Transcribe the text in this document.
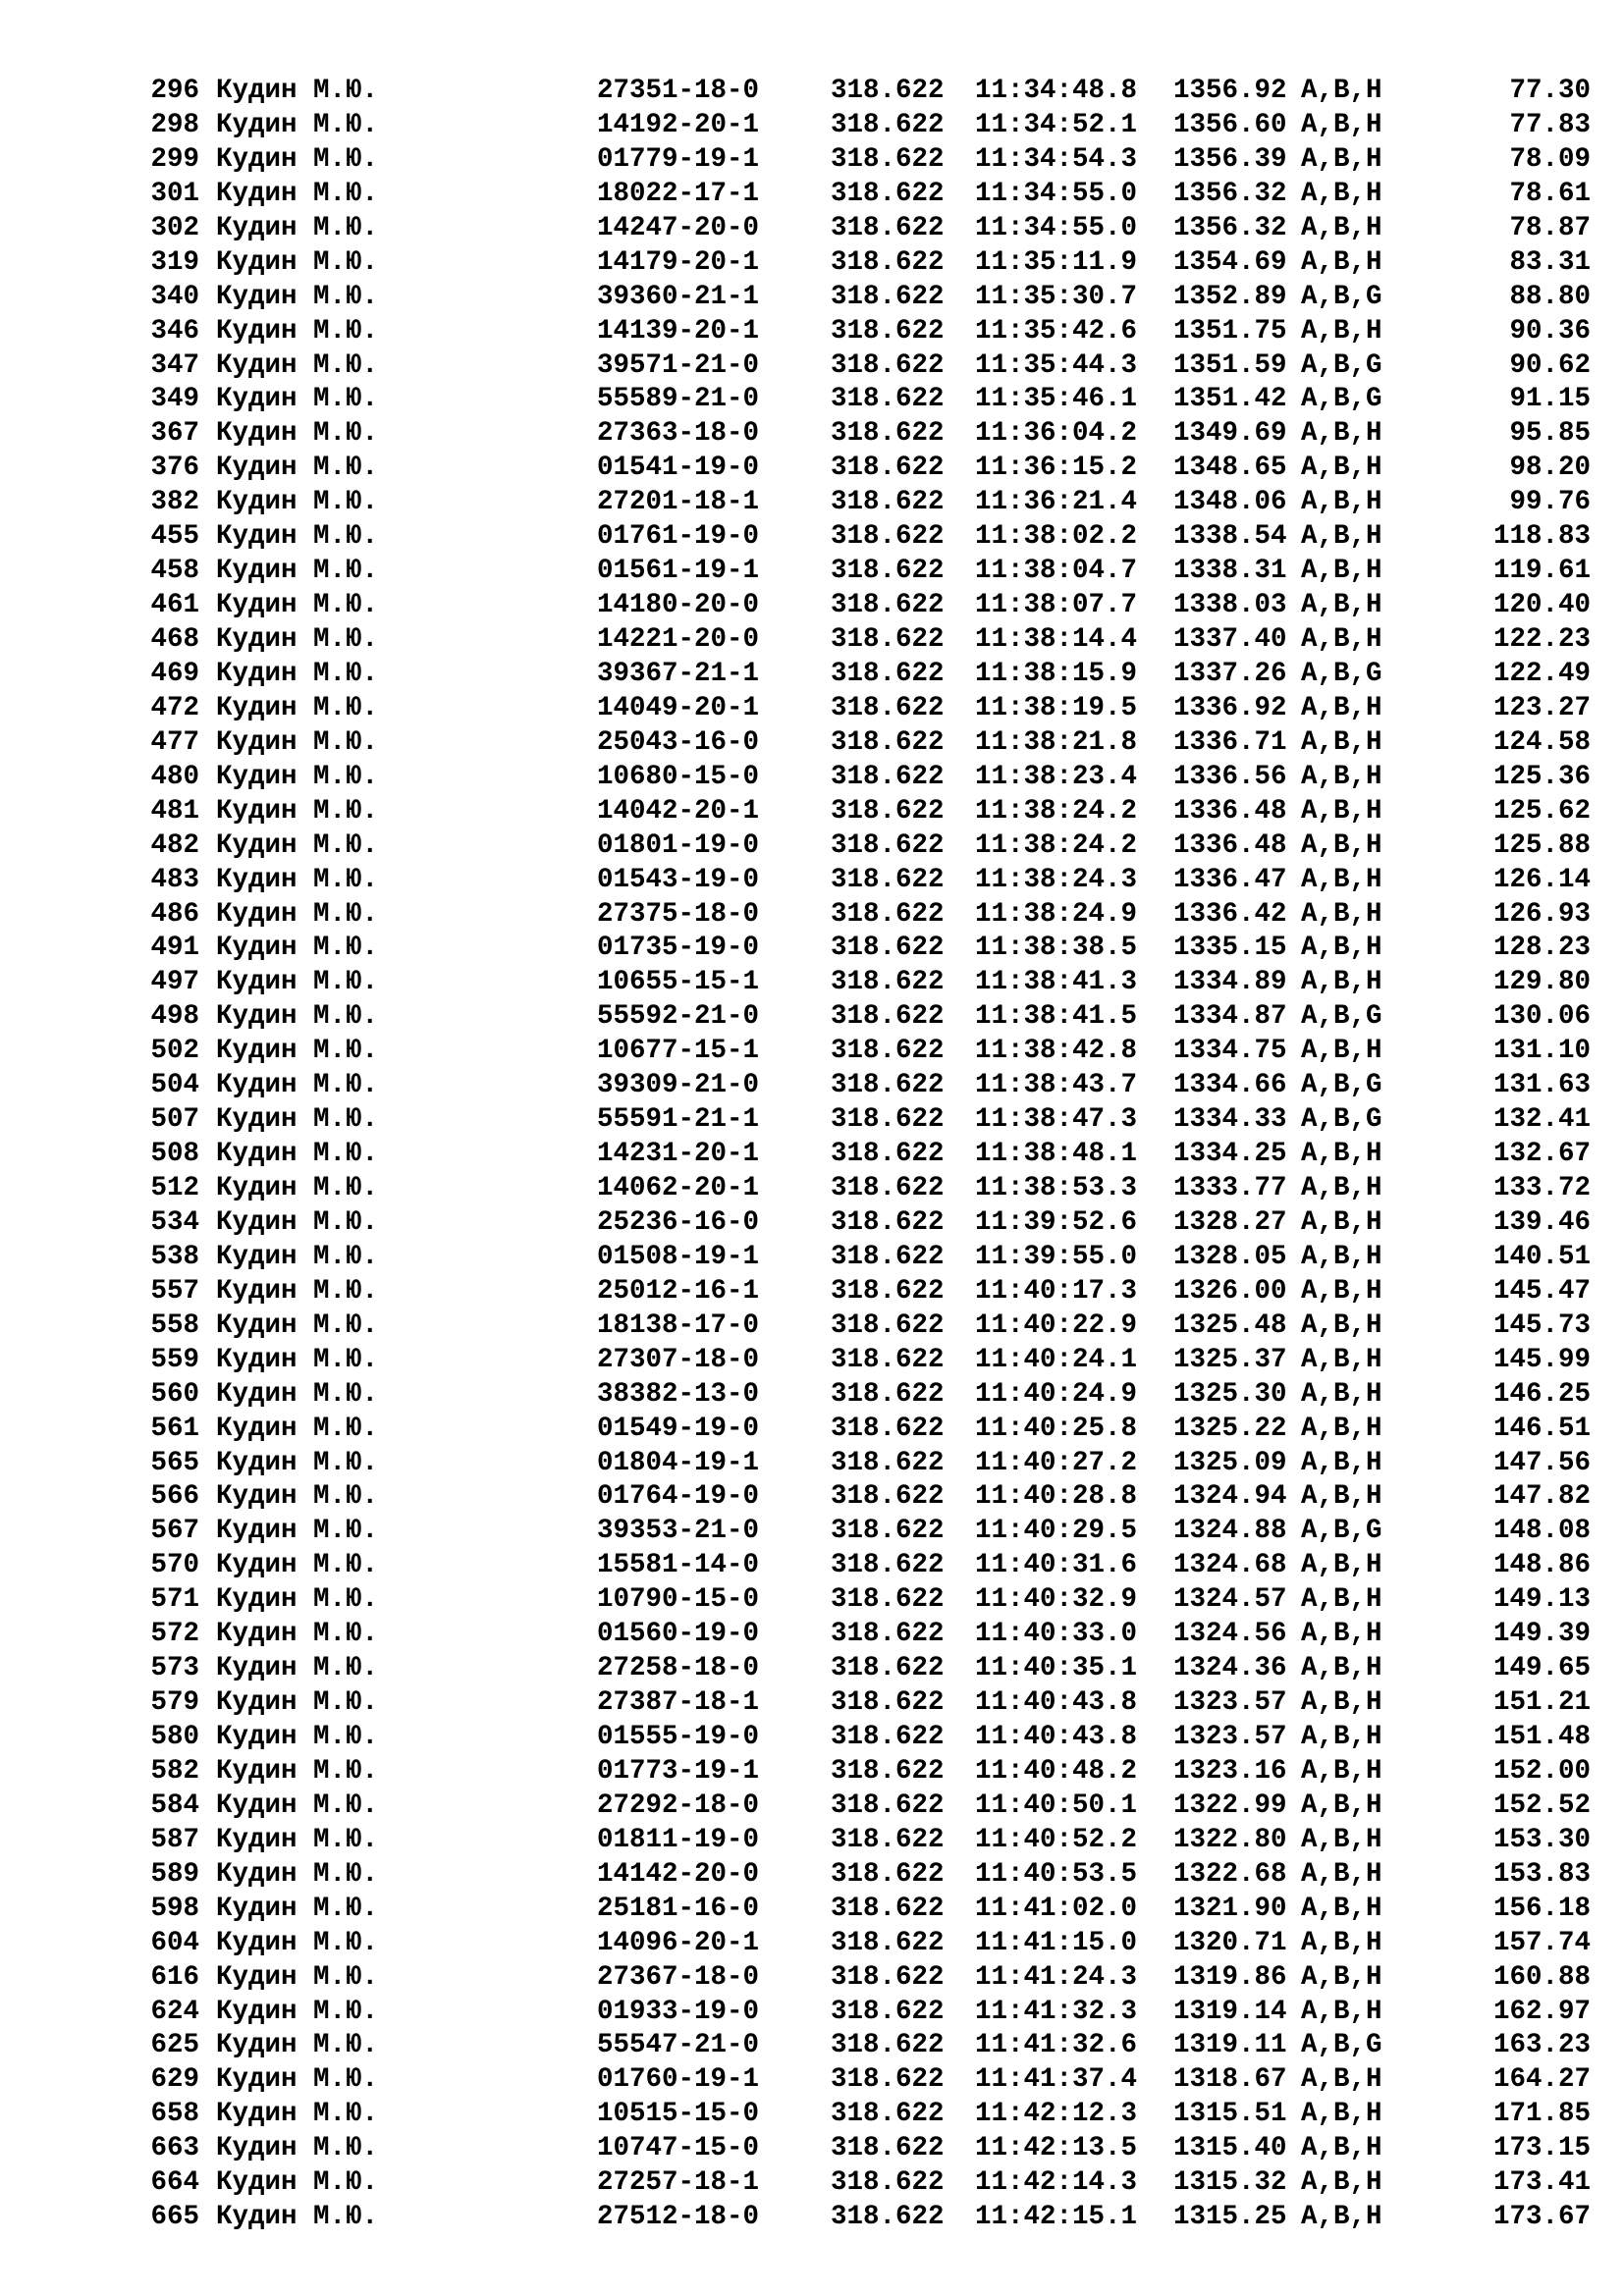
296 Кудин М.Ю.	27351-18-0	318.622 11:34:48.8 1356.92 A,B,H	77.30
298 Кудин М.Ю.	14192-20-1	318.622 11:34:52.1 1356.60 A,B,H	77.83
299 Кудин М.Ю.	01779-19-1	318.622 11:34:54.3 1356.39 A,B,H	78.09
301 Кудин М.Ю.	18022-17-1	318.622 11:34:55.0 1356.32 A,B,H	78.61
302 Кудин М.Ю.	14247-20-0	318.622 11:34:55.0 1356.32 A,B,H	78.87
319 Кудин М.Ю.	14179-20-1	318.622 11:35:11.9 1354.69 A,B,H	83.31
340 Кудин М.Ю.	39360-21-1	318.622 11:35:30.7 1352.89 A,B,G	88.80
346 Кудин М.Ю.	14139-20-1	318.622 11:35:42.6 1351.75 A,B,H	90.36
347 Кудин М.Ю.	39571-21-0	318.622 11:35:44.3 1351.59 A,B,G	90.62
349 Кудин М.Ю.	55589-21-0	318.622 11:35:46.1 1351.42 A,B,G	91.15
367 Кудин М.Ю.	27363-18-0	318.622 11:36:04.2 1349.69 A,B,H	95.85
376 Кудин М.Ю.	01541-19-0	318.622 11:36:15.2 1348.65 A,B,H	98.20
382 Кудин М.Ю.	27201-18-1	318.622 11:36:21.4 1348.06 A,B,H	99.76
455 Кудин М.Ю.	01761-19-0	318.622 11:38:02.2 1338.54 A,B,H	118.83
458 Кудин М.Ю.	01561-19-1	318.622 11:38:04.7 1338.31 A,B,H	119.61
461 Кудин М.Ю.	14180-20-0	318.622 11:38:07.7 1338.03 A,B,H	120.40
468 Кудин М.Ю.	14221-20-0	318.622 11:38:14.4 1337.40 A,B,H	122.23
469 Кудин М.Ю.	39367-21-1	318.622 11:38:15.9 1337.26 A,B,G	122.49
472 Кудин М.Ю.	14049-20-1	318.622 11:38:19.5 1336.92 A,B,H	123.27
477 Кудин М.Ю.	25043-16-0	318.622 11:38:21.8 1336.71 A,B,H	124.58
480 Кудин М.Ю.	10680-15-0	318.622 11:38:23.4 1336.56 A,B,H	125.36
481 Кудин М.Ю.	14042-20-1	318.622 11:38:24.2 1336.48 A,B,H	125.62
482 Кудин М.Ю.	01801-19-0	318.622 11:38:24.2 1336.48 A,B,H	125.88
483 Кудин М.Ю.	01543-19-0	318.622 11:38:24.3 1336.47 A,B,H	126.14
486 Кудин М.Ю.	27375-18-0	318.622 11:38:24.9 1336.42 A,B,H	126.93
491 Кудин М.Ю.	01735-19-0	318.622 11:38:38.5 1335.15 A,B,H	128.23
497 Кудин М.Ю.	10655-15-1	318.622 11:38:41.3 1334.89 A,B,H	129.80
498 Кудин М.Ю.	55592-21-0	318.622 11:38:41.5 1334.87 A,B,G	130.06
502 Кудин М.Ю.	10677-15-1	318.622 11:38:42.8 1334.75 A,B,H	131.10
504 Кудин М.Ю.	39309-21-0	318.622 11:38:43.7 1334.66 A,B,G	131.63
507 Кудин М.Ю.	55591-21-1	318.622 11:38:47.3 1334.33 A,B,G	132.41
508 Кудин М.Ю.	14231-20-1	318.622 11:38:48.1 1334.25 A,B,H	132.67
512 Кудин М.Ю.	14062-20-1	318.622 11:38:53.3 1333.77 A,B,H	133.72
534 Кудин М.Ю.	25236-16-0	318.622 11:39:52.6 1328.27 A,B,H	139.46
538 Кудин М.Ю.	01508-19-1	318.622 11:39:55.0 1328.05 A,B,H	140.51
557 Кудин М.Ю.	25012-16-1	318.622 11:40:17.3 1326.00 A,B,H	145.47
558 Кудин М.Ю.	18138-17-0	318.622 11:40:22.9 1325.48 A,B,H	145.73
559 Кудин М.Ю.	27307-18-0	318.622 11:40:24.1 1325.37 A,B,H	145.99
560 Кудин М.Ю.	38382-13-0	318.622 11:40:24.9 1325.30 A,B,H	146.25
561 Кудин М.Ю.	01549-19-0	318.622 11:40:25.8 1325.22 A,B,H	146.51
565 Кудин М.Ю.	01804-19-1	318.622 11:40:27.2 1325.09 A,B,H	147.56
566 Кудин М.Ю.	01764-19-0	318.622 11:40:28.8 1324.94 A,B,H	147.82
567 Кудин М.Ю.	39353-21-0	318.622 11:40:29.5 1324.88 A,B,G	148.08
570 Кудин М.Ю.	15581-14-0	318.622 11:40:31.6 1324.68 A,B,H	148.86
571 Кудин М.Ю.	10790-15-0	318.622 11:40:32.9 1324.57 A,B,H	149.13
572 Кудин М.Ю.	01560-19-0	318.622 11:40:33.0 1324.56 A,B,H	149.39
573 Кудин М.Ю.	27258-18-0	318.622 11:40:35.1 1324.36 A,B,H	149.65
579 Кудин М.Ю.	27387-18-1	318.622 11:40:43.8 1323.57 A,B,H	151.21
580 Кудин М.Ю.	01555-19-0	318.622 11:40:43.8 1323.57 A,B,H	151.48
582 Кудин М.Ю.	01773-19-1	318.622 11:40:48.2 1323.16 A,B,H	152.00
584 Кудин М.Ю.	27292-18-0	318.622 11:40:50.1 1322.99 A,B,H	152.52
587 Кудин М.Ю.	01811-19-0	318.622 11:40:52.2 1322.80 A,B,H	153.30
589 Кудин М.Ю.	14142-20-0	318.622 11:40:53.5 1322.68 A,B,H	153.83
598 Кудин М.Ю.	25181-16-0	318.622 11:41:02.0 1321.90 A,B,H	156.18
604 Кудин М.Ю.	14096-20-1	318.622 11:41:15.0 1320.71 A,B,H	157.74
616 Кудин М.Ю.	27367-18-0	318.622 11:41:24.3 1319.86 A,B,H	160.88
624 Кудин М.Ю.	01933-19-0	318.622 11:41:32.3 1319.14 A,B,H	162.97
625 Кудин М.Ю.	55547-21-0	318.622 11:41:32.6 1319.11 A,B,G	163.23
629 Кудин М.Ю.	01760-19-1	318.622 11:41:37.4 1318.67 A,B,H	164.27
658 Кудин М.Ю.	10515-15-0	318.622 11:42:12.3 1315.51 A,B,H	171.85
663 Кудин М.Ю.	10747-15-0	318.622 11:42:13.5 1315.40 A,B,H	173.15
664 Кудин М.Ю.	27257-18-1	318.622 11:42:14.3 1315.32 A,B,H	173.41
665 Кудин М.Ю.	27512-18-0	318.622 11:42:15.1 1315.25 A,B,H	173.67
